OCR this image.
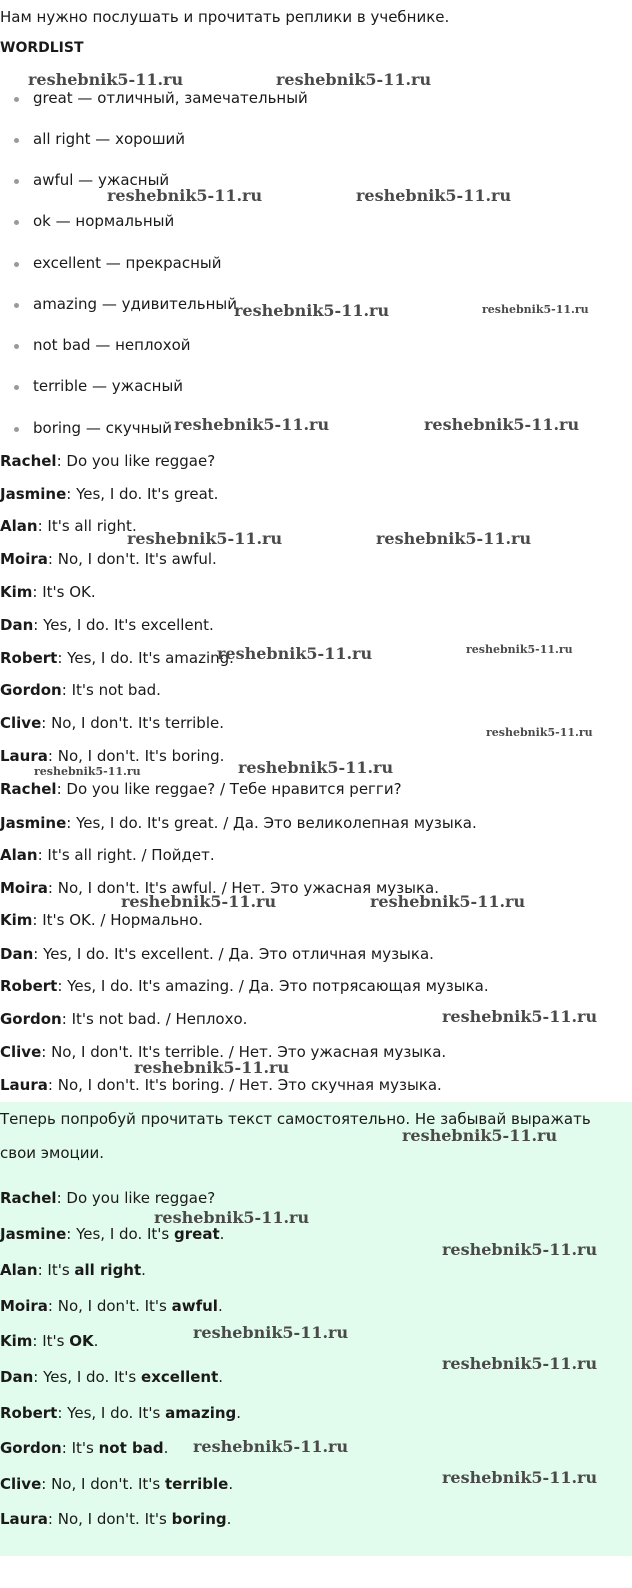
Нам нужно послушать и прочитать реплики в учебнике.
WORDLIST
great — отличный, замечательный
all right — хороший
awful — ужасный
ok — нормальный
excellent — прекрасный
amazing — удивительный
not bad — неплохой
terrible — ужасный
boring — скучный
Rachel: Do you like reggae?
Jasmine: Yes, I do. It's great.
Alan: It's all right.
Moira: No, I don't. It's awful.
Kim: It's OK.
Dan: Yes, I do. It's excellent.
Robert: Yes, I do. It's amazing.
Gordon: It's not bad.
Clive: No, I don't. It's terrible.
Laura: No, I don't. It's boring.
Rachel: Do you like reggae? / Тебе нравится регги?
Jasmine: Yes, I do. It's great. / Да. Это великолепная музыка.
Alan: It's all right. / Пойдет.
Moira: No, I don't. It's awful. / Нет. Это ужасная музыка.
Kim: It's OK. / Нормально.
Dan: Yes, I do. It's excellent. / Да. Это отличная музыка.
Robert: Yes, I do. It's amazing. / Да. Это потрясающая музыка.
Gordon: It's not bad. / Неплохо.
Clive: No, I don't. It's terrible. / Нет. Это ужасная музыка.
Laura: No, I don't. It's boring. / Нет. Это скучная музыка.
Теперь попробуй прочитать текст самостоятельно. Не забывай выражать
свои эмоции.
Rachel: Do you like reggae?
Jasmine: Yes, I do. It's great.
Alan: It's all right.
Moira: No, I don't. It's awful.
Kim: It's OK.
Dan: Yes, I do. It's excellent.
Robert: Yes, I do. It's amazing.
Gordon: It's not bad.
Clive: No, I don't. It's terrible.
Laura: No, I don't. It's boring.
reshebnik5-11.ru	reshebnik5-11.ru
reshebnik5-11.ru	reshebnik5-11.ru
reshebnik5-11.ru	reshebnik5-11.ru
reshebnik5-11.ru	reshebnik5-11.ru
reshebnik5-11.ru	reshebnik5-11.ru
reshebnik5-11.ru	reshebnik5-11.ru
reshebnik5-11.ru
reshebnik5-11.ru	reshebnik5-11.ru
reshebnik5-11.ru	reshebnik5-11.ru
reshebnik5-11.ru
reshebnik5-11.ru
reshebnik5-11.ru
reshebnik5-11.ru
reshebnik5-11.ru
reshebnik5-11.ru
reshebnik5-11.ru
reshebnik5-11.ru
reshebnik5-11.ru
